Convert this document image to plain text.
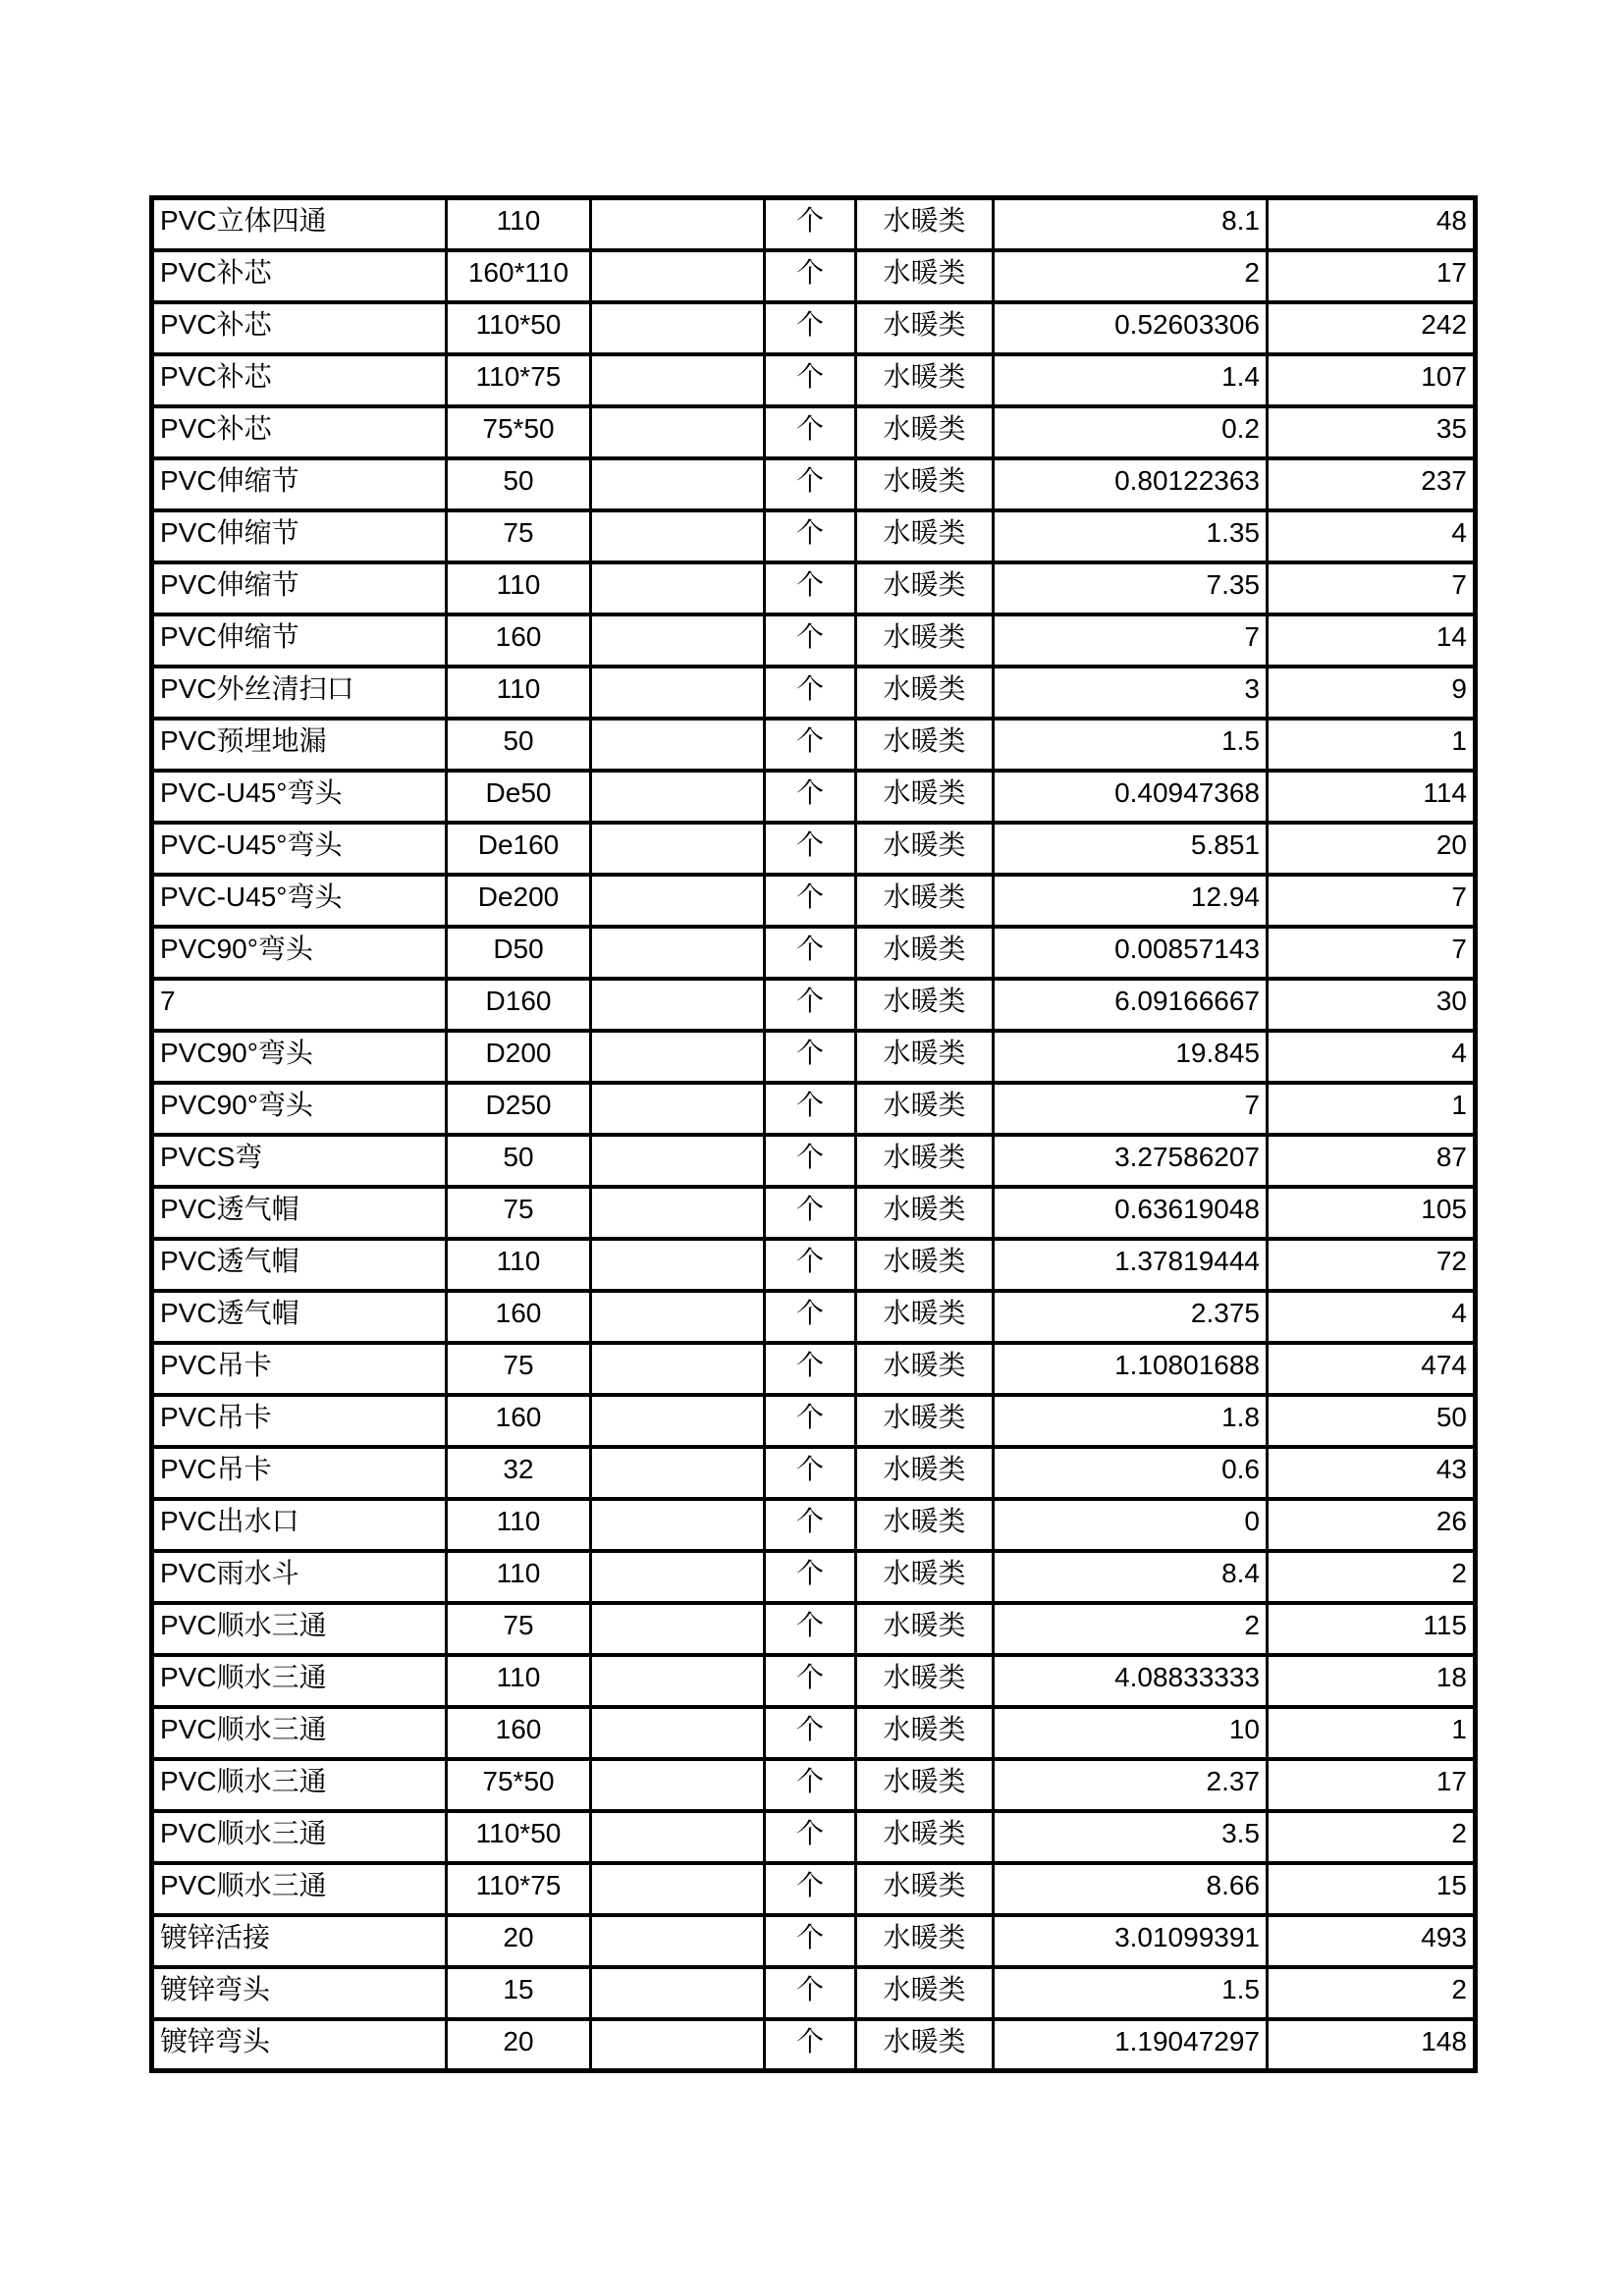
PVC立体四通	110		个	水暖类	8.1	48
PVC补芯	160*110		个	水暖类	2	17
PVC补芯	110*50		个	水暖类	0.52603306	242
PVC补芯	110*75		个	水暖类	1.4	107
PVC补芯	75*50		个	水暖类	0.2	35
PVC伸缩节	50		个	水暖类	0.80122363	237
PVC伸缩节	75		个	水暖类	1.35	4
PVC伸缩节	110		个	水暖类	7.35	7
PVC伸缩节	160		个	水暖类	7	14
PVC外丝清扫口	110		个	水暖类	3	9
PVC预埋地漏	50		个	水暖类	1.5	1
PVC-U45°弯头	De50		个	水暖类	0.40947368	114
PVC-U45°弯头	De160		个	水暖类	5.851	20
PVC-U45°弯头	De200		个	水暖类	12.94	7
PVC90°弯头	D50		个	水暖类	0.00857143	7
7	D160		个	水暖类	6.09166667	30
PVC90°弯头	D200		个	水暖类	19.845	4
PVC90°弯头	D250		个	水暖类	7	1
PVCS弯	50		个	水暖类	3.27586207	87
PVC透气帽	75		个	水暖类	0.63619048	105
PVC透气帽	110		个	水暖类	1.37819444	72
PVC透气帽	160		个	水暖类	2.375	4
PVC吊卡	75		个	水暖类	1.10801688	474
PVC吊卡	160		个	水暖类	1.8	50
PVC吊卡	32		个	水暖类	0.6	43
PVC出水口	110		个	水暖类	0	26
PVC雨水斗	110		个	水暖类	8.4	2
PVC顺水三通	75		个	水暖类	2	115
PVC顺水三通	110		个	水暖类	4.08833333	18
PVC顺水三通	160		个	水暖类	10	1
PVC顺水三通	75*50		个	水暖类	2.37	17
PVC顺水三通	110*50		个	水暖类	3.5	2
PVC顺水三通	110*75		个	水暖类	8.66	15
镀锌活接	20		个	水暖类	3.01099391	493
镀锌弯头	15		个	水暖类	1.5	2
镀锌弯头	20		个	水暖类	1.19047297	148
